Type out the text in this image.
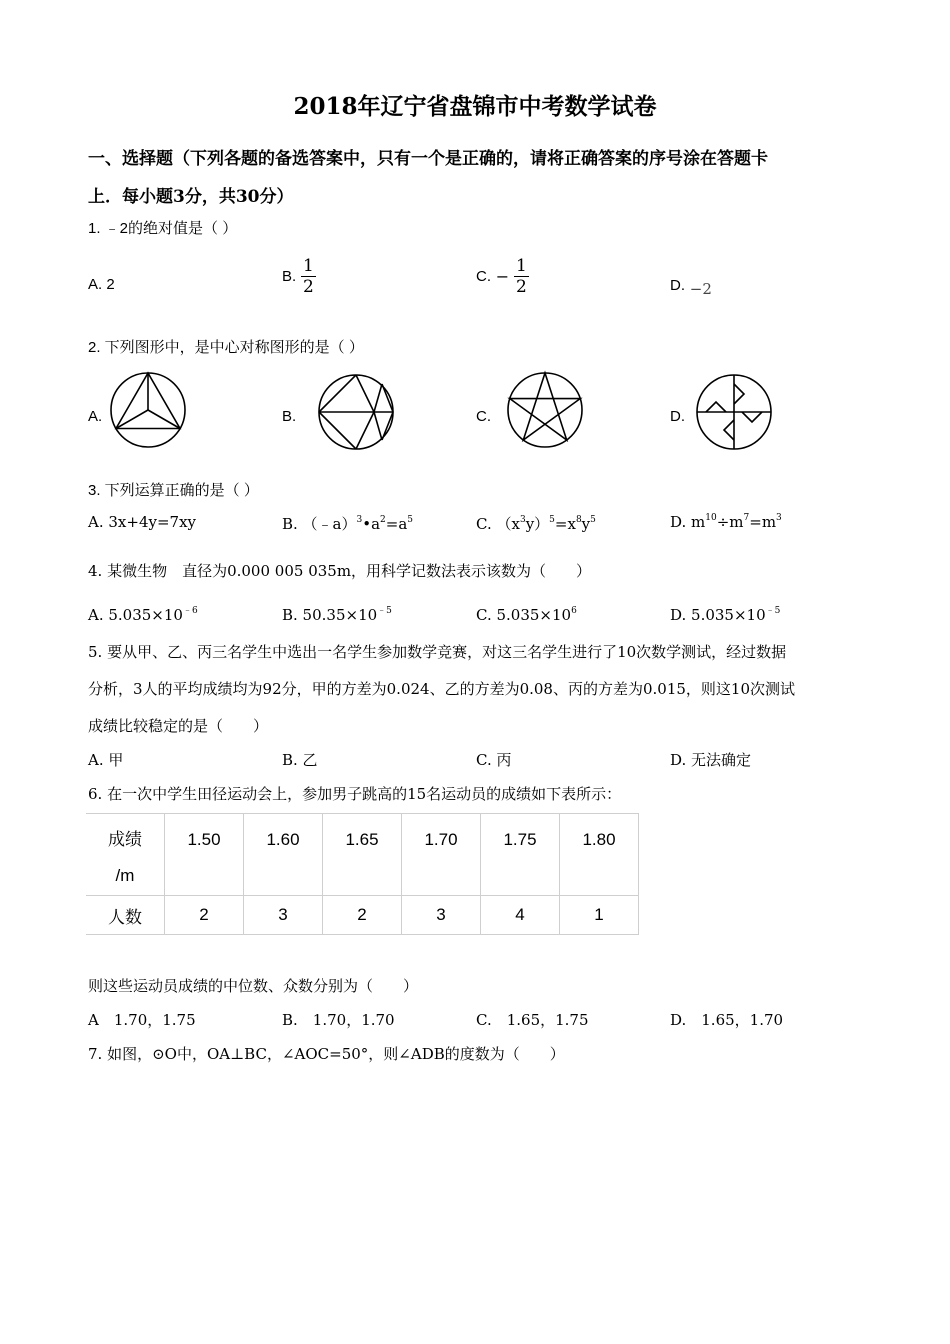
2018年辽宁省盘锦市中考数学试卷
一、选择题（下列各题的备选答案中，只有一个是正确的，请将正确答案的序号涂在答题卡
上．每小题3分，共30分）
1. ﹣2的绝对值是（ ）
A. 2	B. $\frac{1}{2}$	C. − $\frac{1}{2}$	D. −2
2. 下列图形中，是中心对称图形的是（ ）
A.	B.	C.	D.
3. 下列运算正确的是（ ）
A. 3x+4y=7xy	B. $(﹣a)^3•a^2=a^5$	C. $(x^3y)^5=x^8y^5$	D. $m^{10}\div m^7=m^3$
4. 某微生物　直径为0.000 005 035m，用科学记数法表示该数为（　　）
A. $5.035\times 10^{﹣6}$	B. $50.35\times 10^{﹣5}$	C. $5.035\times 10^6$	D. $5.035\times 10^{﹣5}$
5. 要从甲、乙、丙三名学生中选出一名学生参加数学竞赛，对这三名学生进行了10次数学测试，经过数据
分析，3人的平均成绩均为92分，甲的方差为0.024、乙的方差为0.08、丙的方差为0.015，则这10次测试
成绩比较稳定的是（　　）
A. 甲	B. 乙	C. 丙	D. 无法确定
6. 在一次中学生田径运动会上，参加男子跳高的15名运动员的成绩如下表所示：
成绩
/m	1.50	1.60	1.65	1.70	1.75	1.80
人数	2	3	2	3	4	1
则这些运动员成绩的中位数、众数分别为（　　）
A　1.70，1.75	B.　1.70，1.70	C.　1.65，1.75	D.　1.65，1.70
7. 如图，⊙O中，OA⊥BC，∠AOC=50°，则∠ADB的度数为（　　）
